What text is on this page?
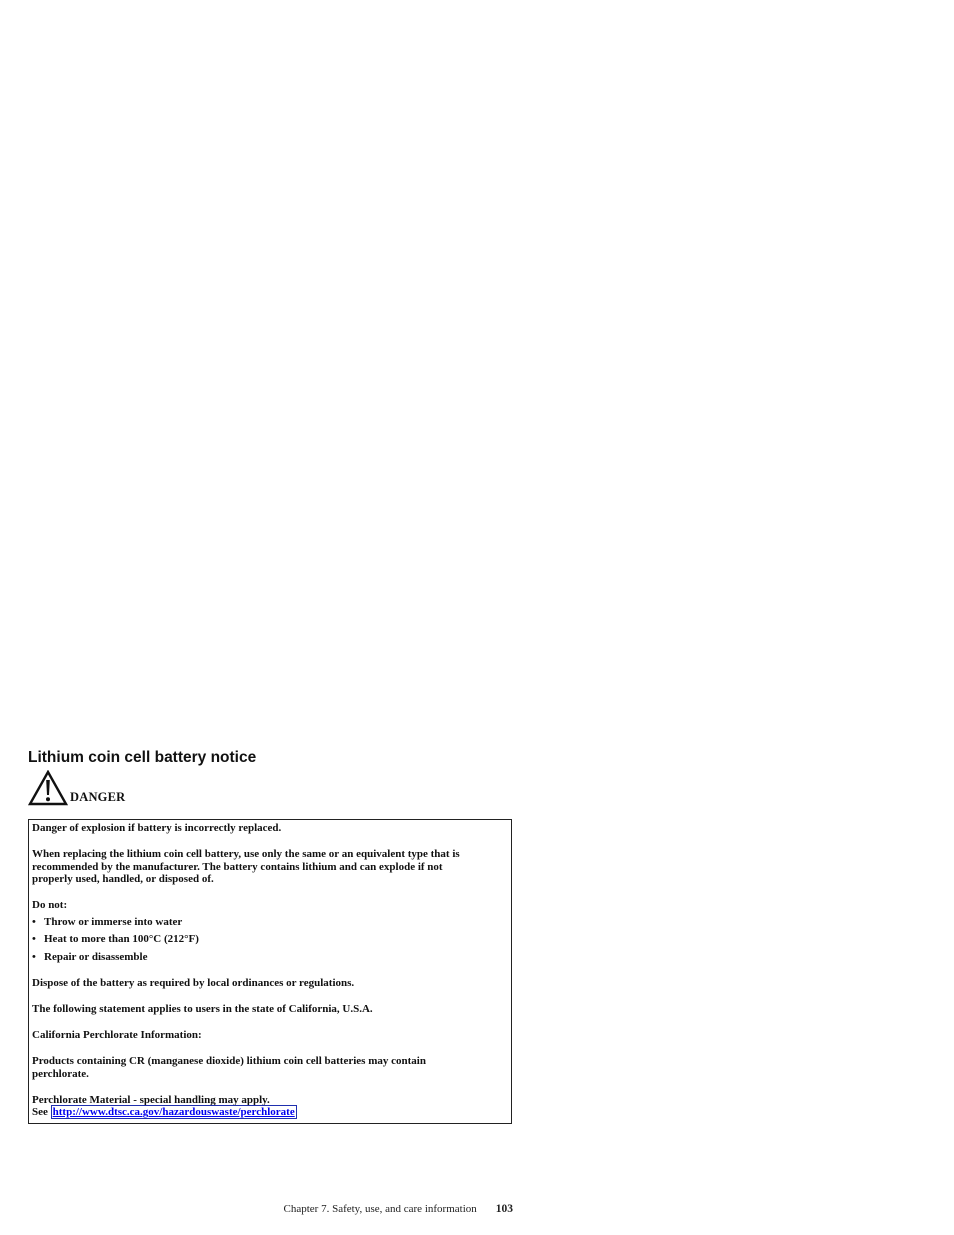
Lithium coin cell battery notice
DANGER

Danger of explosion if battery is incorrectly replaced.

When replacing the lithium coin cell battery, use only the same or an equivalent type that is
recommended by the manufacturer. The battery contains lithium and can explode if not
properly used, handled, or disposed of.

Do not:

• Throw or immerse into water
• Heat to more than 100°C (212°F)
• Repair or disassemble

Dispose of the battery as required by local ordinances or regulations.

The following statement applies to users in the state of California, U.S.A.

California Perchlorate Information:

Products containing CR (manganese dioxide) lithium coin cell batteries may contain
perchlorate.

Perchlorate Material - special handling may apply.
See http://www.dtsc.ca.gov/hazardouswaste/perchlorate

Chapter 7. Safety, use, and care information 103
